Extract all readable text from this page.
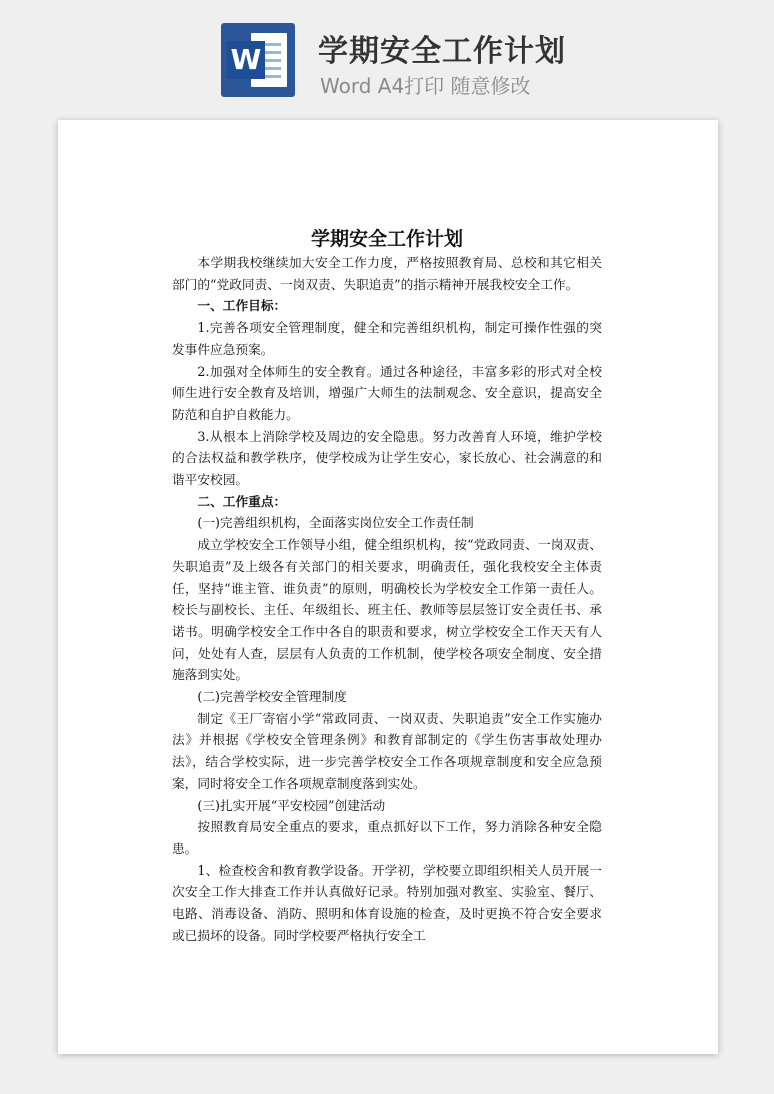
W 学期安全工作计划
Word A4打印 随意修改
学期安全工作计划

本学期我校继续加大安全工作力度，严格按照教育局、总校和其它相关部门的“党政同责、一岗双责、失职追责”的指示精神开展我校安全工作。

一、工作目标：

1.完善各项安全管理制度，健全和完善组织机构，制定可操作性强的突发事件应急预案。

2.加强对全体师生的安全教育。通过各种途径，丰富多彩的形式对全校师生进行安全教育及培训，增强广大师生的法制观念、安全意识，提高安全防范和自护自救能力。

3.从根本上消除学校及周边的安全隐患。努力改善育人环境，维护学校的合法权益和教学秩序，使学校成为让学生安心，家长放心、社会满意的和谐平安校园。

二、工作重点：

(一)完善组织机构，全面落实岗位安全工作责任制

成立学校安全工作领导小组，健全组织机构，按“党政同责、一岗双责、失职追责”及上级各有关部门的相关要求，明确责任，强化我校安全主体责任，坚持“谁主管、谁负责”的原则，明确校长为学校安全工作第一责任人。校长与副校长、主任、年级组长、班主任、教师等层层签订安全责任书、承诺书。明确学校安全工作中各自的职责和要求，树立学校安全工作天天有人问，处处有人查，层层有人负责的工作机制，使学校各项安全制度、安全措施落到实处。

(二)完善学校安全管理制度

制定《王厂寄宿小学“常政同责、一岗双责、失职追责”安全工作实施办法》并根据《学校安全管理条例》和教育部制定的《学生伤害事故处理办法》，结合学校实际，进一步完善学校安全工作各项规章制度和安全应急预案，同时将安全工作各项规章制度落到实处。

(三)扎实开展“平安校园”创建活动

按照教育局安全重点的要求，重点抓好以下工作，努力消除各种安全隐患。

1、检查校舍和教育教学设备。开学初，学校要立即组织相关人员开展一次安全工作大排查工作并认真做好记录。特别加强对教室、实验室、餐厅、电路、消毒设备、消防、照明和体育设施的检查，及时更换不符合安全要求或已损坏的设备。同时学校要严格执行安全工
